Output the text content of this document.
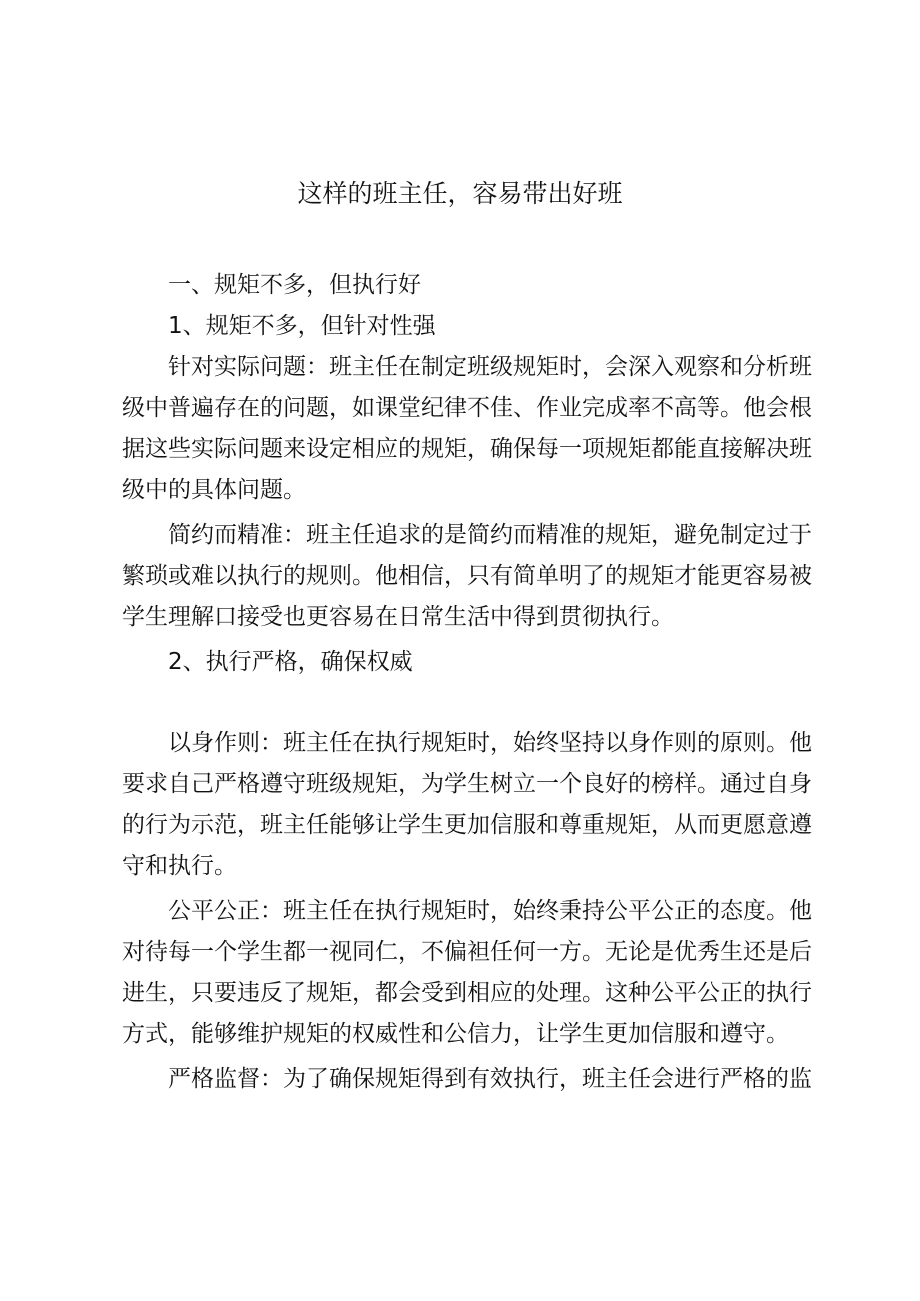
这样的班主任，容易带出好班

一、规矩不多，但执行好

1、规矩不多，但针对性强

针对实际问题：班主任在制定班级规矩时，会深入观察和分析班级中普遍存在的问题，如课堂纪律不佳、作业完成率不高等。他会根据这些实际问题来设定相应的规矩，确保每一项规矩都能直接解决班级中的具体问题。

简约而精准：班主任追求的是简约而精准的规矩，避免制定过于繁琐或难以执行的规则。他相信，只有简单明了的规矩才能更容易被学生理解口接受也更容易在日常生活中得到贯彻执行。

2、执行严格，确保权威

以身作则：班主任在执行规矩时，始终坚持以身作则的原则。他要求自己严格遵守班级规矩，为学生树立一个良好的榜样。通过自身的行为示范，班主任能够让学生更加信服和尊重规矩，从而更愿意遵守和执行。

公平公正：班主任在执行规矩时，始终秉持公平公正的态度。他对待每一个学生都一视同仁，不偏袒任何一方。无论是优秀生还是后进生，只要违反了规矩，都会受到相应的处理。这种公平公正的执行方式，能够维护规矩的权威性和公信力，让学生更加信服和遵守。

严格监督：为了确保规矩得到有效执行，班主任会进行严格的监
